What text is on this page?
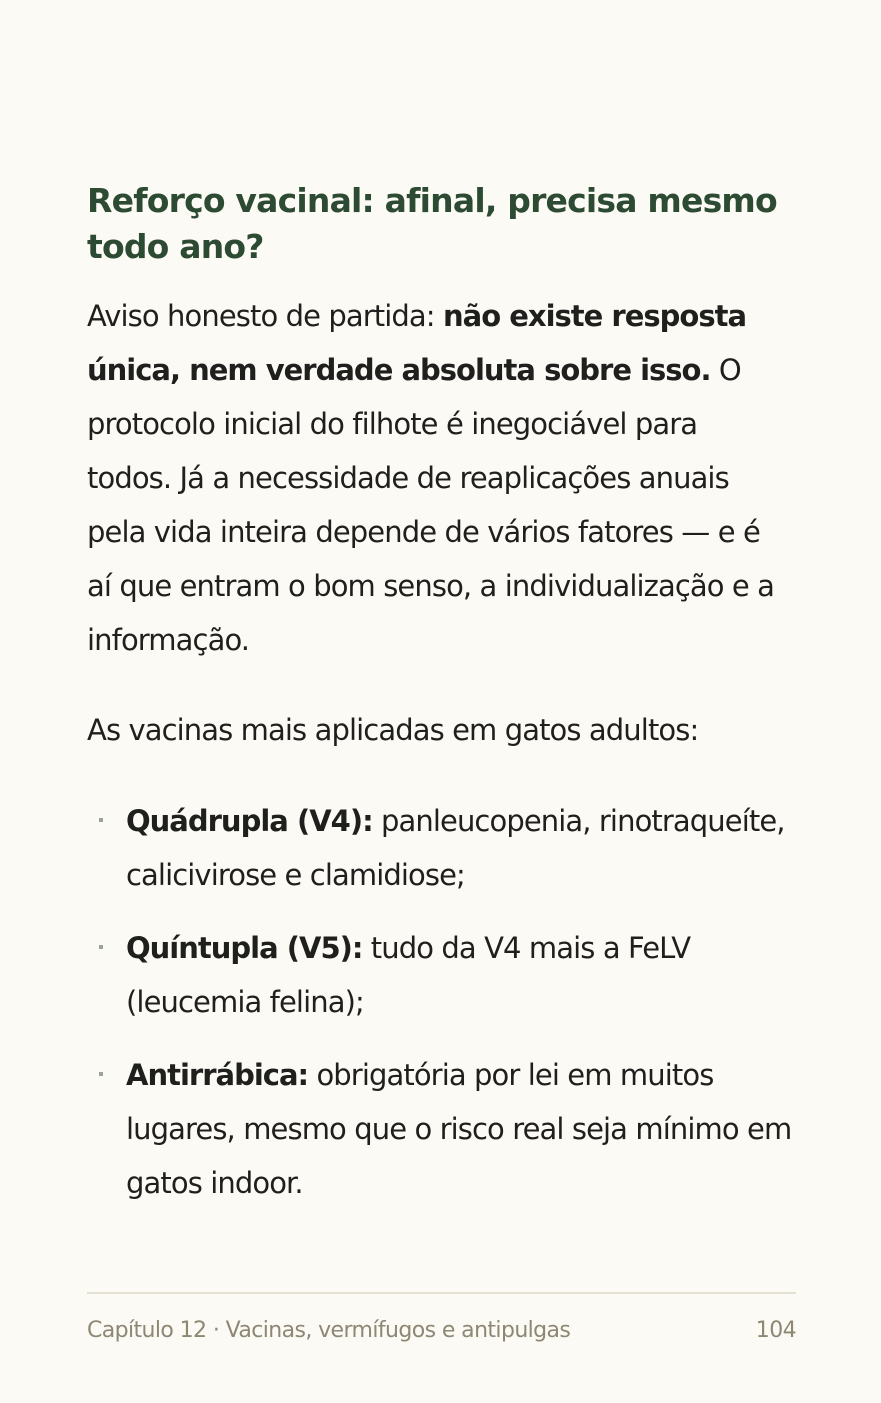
Reforço vacinal: afinal, precisa mesmo todo ano?

Aviso honesto de partida: não existe resposta única, nem verdade absoluta sobre isso. O protocolo inicial do filhote é inegociável para todos. Já a necessidade de reaplicações anuais pela vida inteira depende de vários fatores — e é aí que entram o bom senso, a individualização e a informação.

As vacinas mais aplicadas em gatos adultos:

Quádrupla (V4): panleucopenia, rinotraqueíte, calicivirose e clamidiose;
Quíntupla (V5): tudo da V4 mais a FeLV (leucemia felina);
Antirrábica: obrigatória por lei em muitos lugares, mesmo que o risco real seja mínimo em gatos indoor.
Capítulo 12 · Vacinas, vermífugos e antipulgas	104
